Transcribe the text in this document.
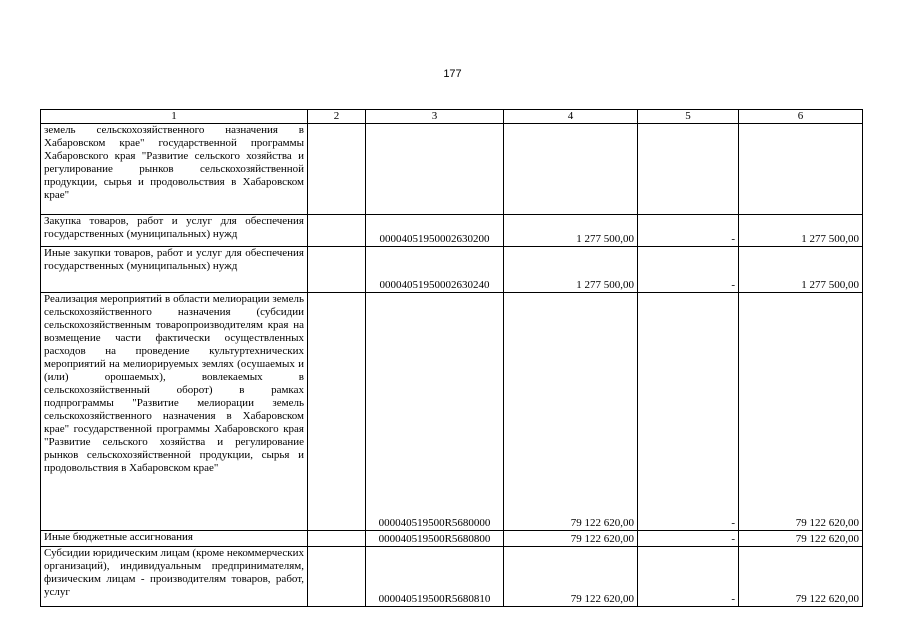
177
1	2	3	4	5	6
земель сельскохозяйственного назначения в Хабаровском крае" государственной программы Хабаровского края "Развитие сельского хозяйства и регулирование рынков сельскохозяйственной продукции, сырья и продовольствия в Хабаровском крае"					
Закупка товаров, работ и услуг для обеспечения государственных (муниципальных) нужд		00004051950002630200	1 277 500,00	-	1 277 500,00
Иные закупки товаров, работ и услуг для обеспечения государственных (муниципальных) нужд		00004051950002630240	1 277 500,00	-	1 277 500,00
Реализация мероприятий в области мелиорации земель сельскохозяйственного назначения (субсидии сельскохозяйственным товаропроизводителям края на возмещение части фактически осуществленных расходов на проведение культуртехнических мероприятий на мелиорируемых землях (осушаемых и (или) орошаемых), вовлекаемых в сельскохозяйственный оборот) в рамках подпрограммы "Развитие мелиорации земель сельскохозяйственного назначения в Хабаровском крае" государственной программы Хабаровского края "Развитие сельского хозяйства и регулирование рынков сельскохозяйственной продукции, сырья и продовольствия в Хабаровском крае"		000040519500R5680000	79 122 620,00	-	79 122 620,00
Иные бюджетные ассигнования		000040519500R5680800	79 122 620,00	-	79 122 620,00
Субсидии юридическим лицам (кроме некоммерческих организаций), индивидуальным предпринимателям, физическим лицам - производителям товаров, работ, услуг		000040519500R5680810	79 122 620,00	-	79 122 620,00
